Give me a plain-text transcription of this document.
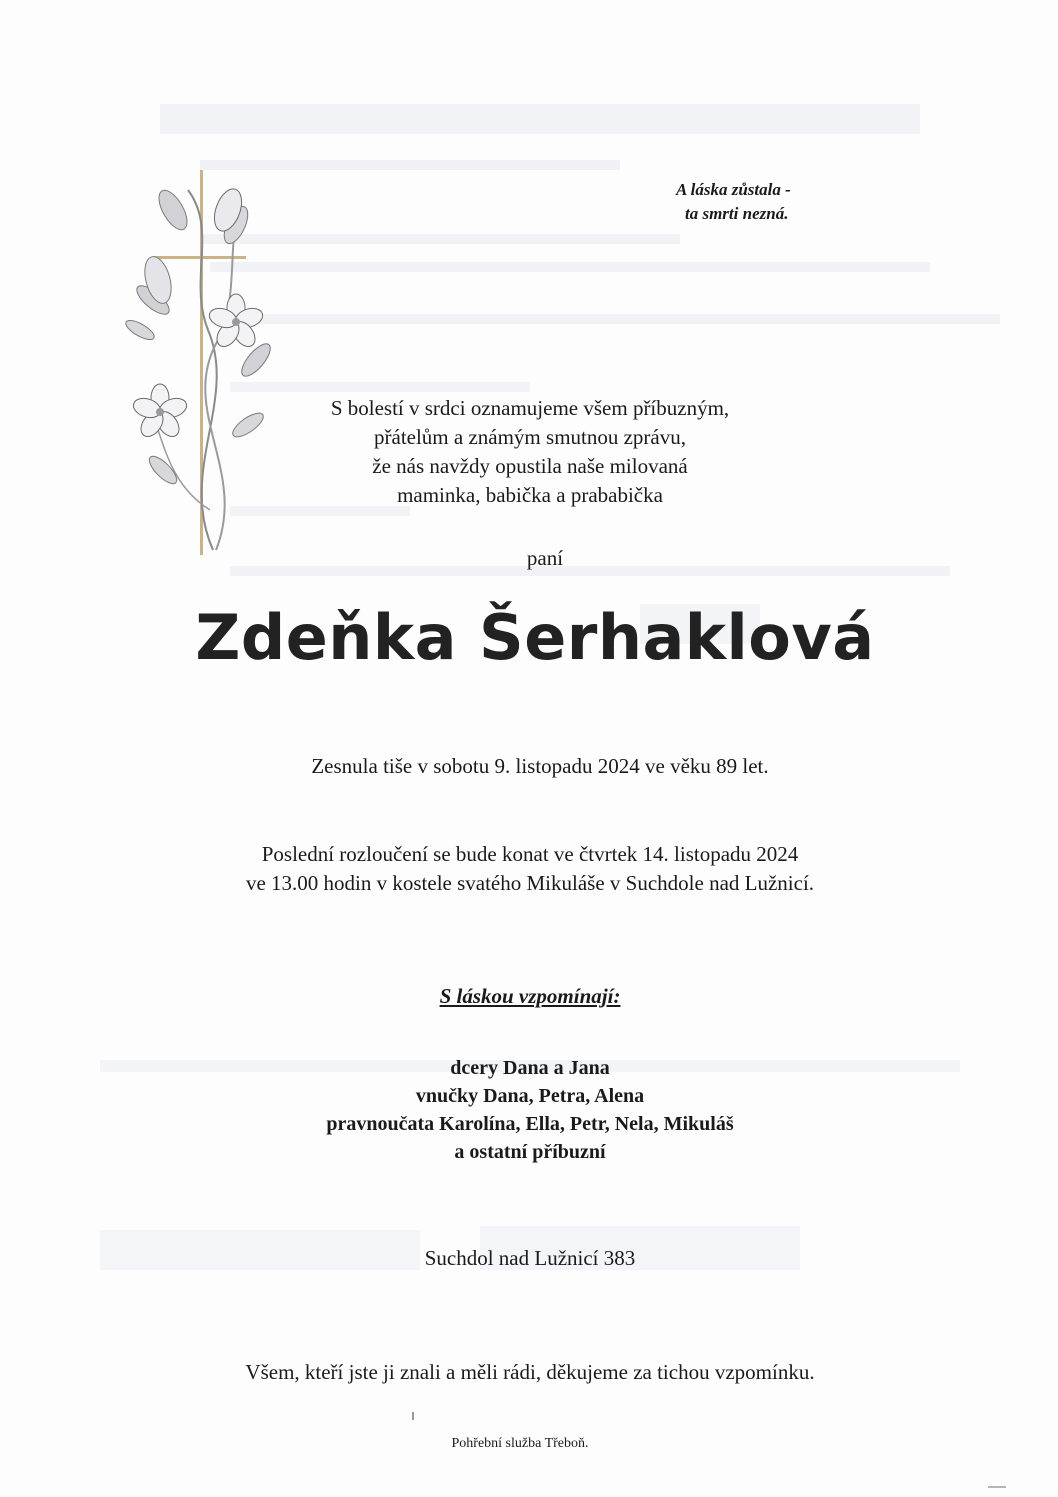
A láska zůstala -
ta smrti nezná.
S bolestí v srdci oznamujeme všem příbuzným,
přátelům a známým smutnou zprávu,
že nás navždy opustila naše milovaná
maminka, babička a prababička
paní
Zdeňka Šerhaklová
Zesnula tiše v sobotu 9. listopadu 2024 ve věku 89 let.
Poslední rozloučení se bude konat ve čtvrtek 14. listopadu 2024
ve 13.00 hodin v kostele svatého Mikuláše v Suchdole nad Lužnicí.
S láskou vzpomínají:
dcery Dana a Jana
vnučky Dana, Petra, Alena
pravnoučata Karolína, Ella, Petr, Nela, Mikuláš
a ostatní příbuzní
Suchdol nad Lužnicí 383
Všem, kteří jste ji znali a měli rádi, děkujeme za tichou vzpomínku.
Pohřební služba Třeboň.
